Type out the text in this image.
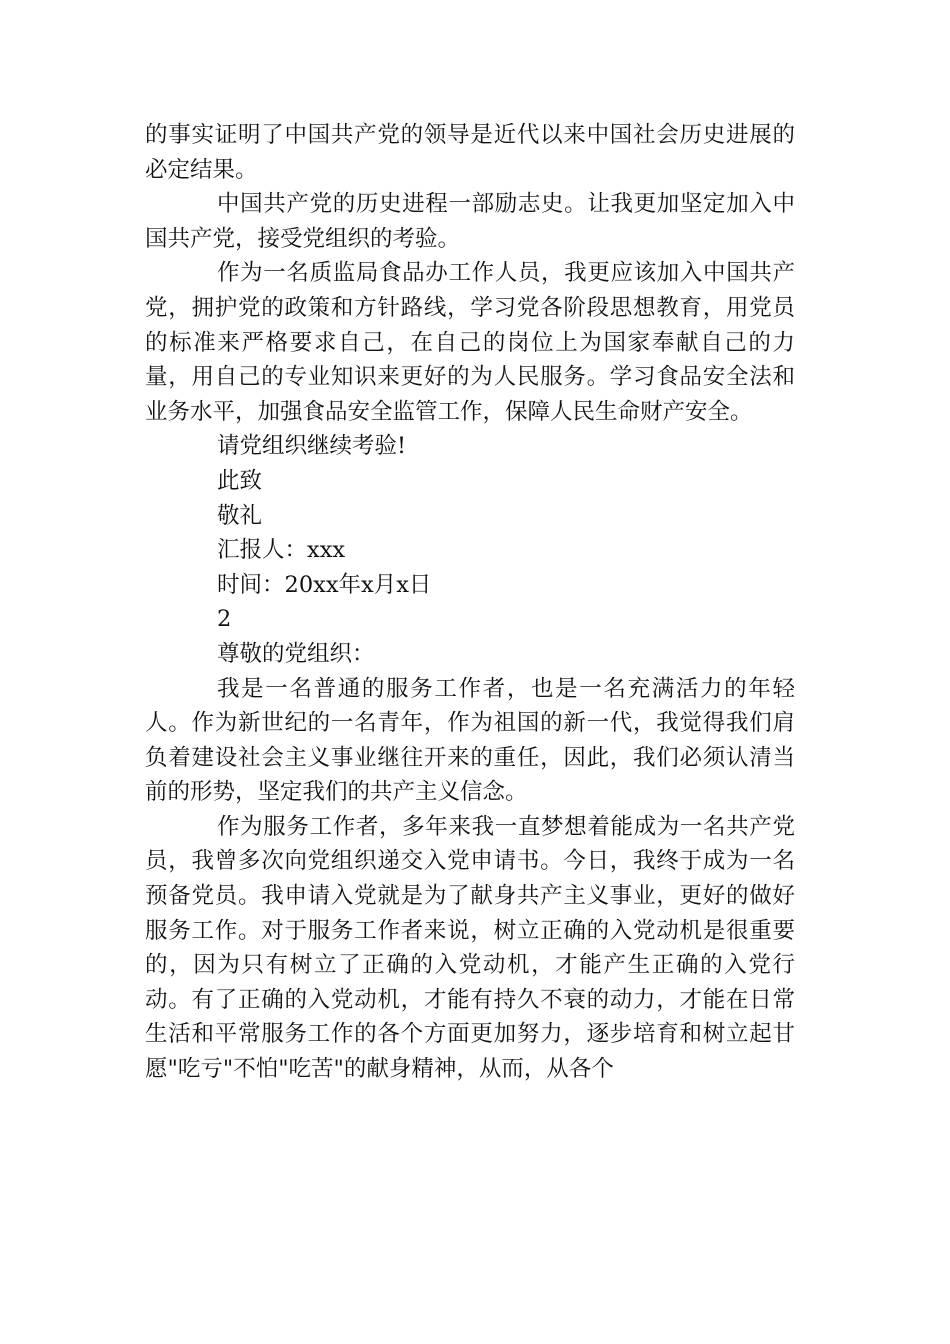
的事实证明了中国共产党的领导是近代以来中国社会历史进展的必定结果。

中国共产党的历史进程一部励志史。让我更加坚定加入中国共产党，接受党组织的考验。

作为一名质监局食品办工作人员，我更应该加入中国共产党，拥护党的政策和方针路线，学习党各阶段思想教育，用党员的标准来严格要求自己，在自己的岗位上为国家奉献自己的力量，用自己的专业知识来更好的为人民服务。学习食品安全法和业务水平，加强食品安全监管工作，保障人民生命财产安全。

请党组织继续考验!

此致

敬礼

汇报人：xxx

时间：20xx年x月x日

2

尊敬的党组织：

我是一名普通的服务工作者，也是一名充满活力的年轻人。作为新世纪的一名青年，作为祖国的新一代，我觉得我们肩负着建设社会主义事业继往开来的重任，因此，我们必须认清当前的形势，坚定我们的共产主义信念。

作为服务工作者，多年来我一直梦想着能成为一名共产党员，我曾多次向党组织递交入党申请书。今日，我终于成为一名预备党员。我申请入党就是为了献身共产主义事业，更好的做好服务工作。对于服务工作者来说，树立正确的入党动机是很重要的，因为只有树立了正确的入党动机，才能产生正确的入党行动。有了正确的入党动机，才能有持久不衰的动力，才能在日常生活和平常服务工作的各个方面更加努力，逐步培育和树立起甘愿"吃亏"不怕"吃苦"的献身精神，从而，从各个
